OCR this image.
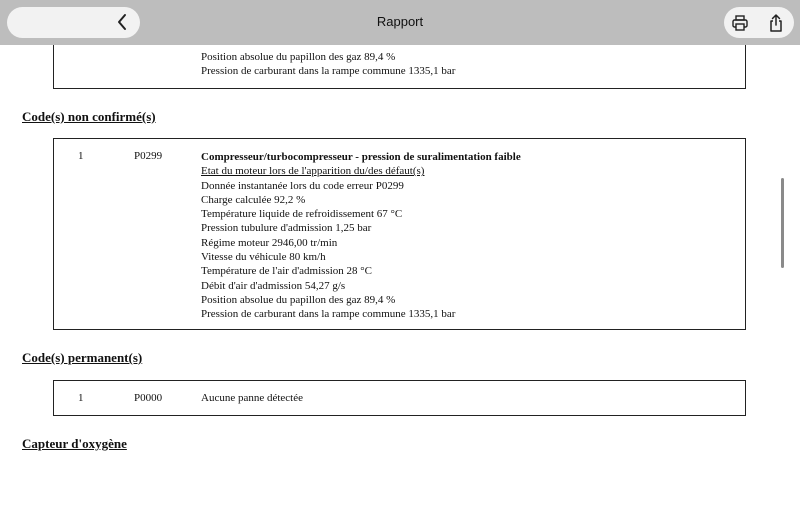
Position absolue du papillon des gaz 89,4 %
Pression de carburant dans la rampe commune 1335,1 bar
Code(s) non confirmé(s)
1	P0299	Compresseur/turbocompresseur - pression de suralimentation faible
Etat du moteur lors de l'apparition du/des défaut(s)
Donnée instantanée lors du code erreur P0299
Charge calculée 92,2 %
Température liquide de refroidissement 67 °C
Pression tubulure d'admission 1,25 bar
Régime moteur 2946,00 tr/min
Vitesse du véhicule 80 km/h
Température de l'air d'admission 28 °C
Débit d'air d'admission 54,27 g/s
Position absolue du papillon des gaz 89,4 %
Pression de carburant dans la rampe commune 1335,1 bar
Code(s) permanent(s)
1	P0000	Aucune panne détectée
Capteur d'oxygène
Rapport
